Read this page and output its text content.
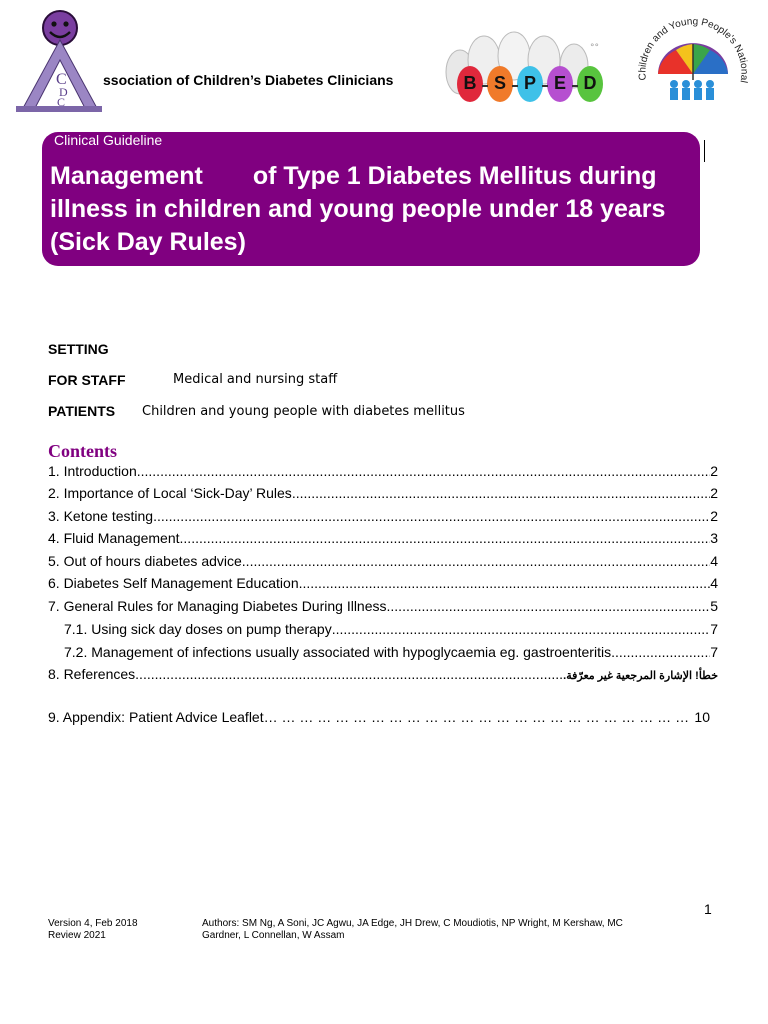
C
D
C
ssociation of Children’s Diabetes Clinicians
°°
B S P E D	Children and Young People's National
Clinical Guideline
Management of Type 1 Diabetes Mellitus during illness in children and young people under 18 years (Sick Day Rules)
SETTING
FOR STAFF	Medical and nursing staff
PATIENTS Children and young people with diabetes mellitus
Contents
1. Introduction .....	2
2. Importance of Local ‘Sick-Day’ Rules .....	2
3. Ketone testing .....	2
4. Fluid Management .....	3
5. Out of hours diabetes advice .....	4
6. Diabetes Self Management Education .....	4
7. General Rules for Managing Diabetes During Illness .....	5
7.1. Using sick day doses on pump therapy .....	7
7.2. Management of infections usually associated with hypoglycaemia eg. gastroenteritis .....	7
8. References .....	خطأ! الإشارة المرجعية غير معرّفة.
9. Appendix: Patient Advice Leaflet … … … … … … … … … … … … … … … … … … … … … … … … … … … … … … … … … … … … … … … … … … …	10
1
Version 4, Feb 2018
Review 2021
Authors: SM Ng, A Soni, JC Agwu, JA Edge, JH Drew, C Moudiotis, NP Wright, M Kershaw, MC
Gardner, L Connellan, W Assam
